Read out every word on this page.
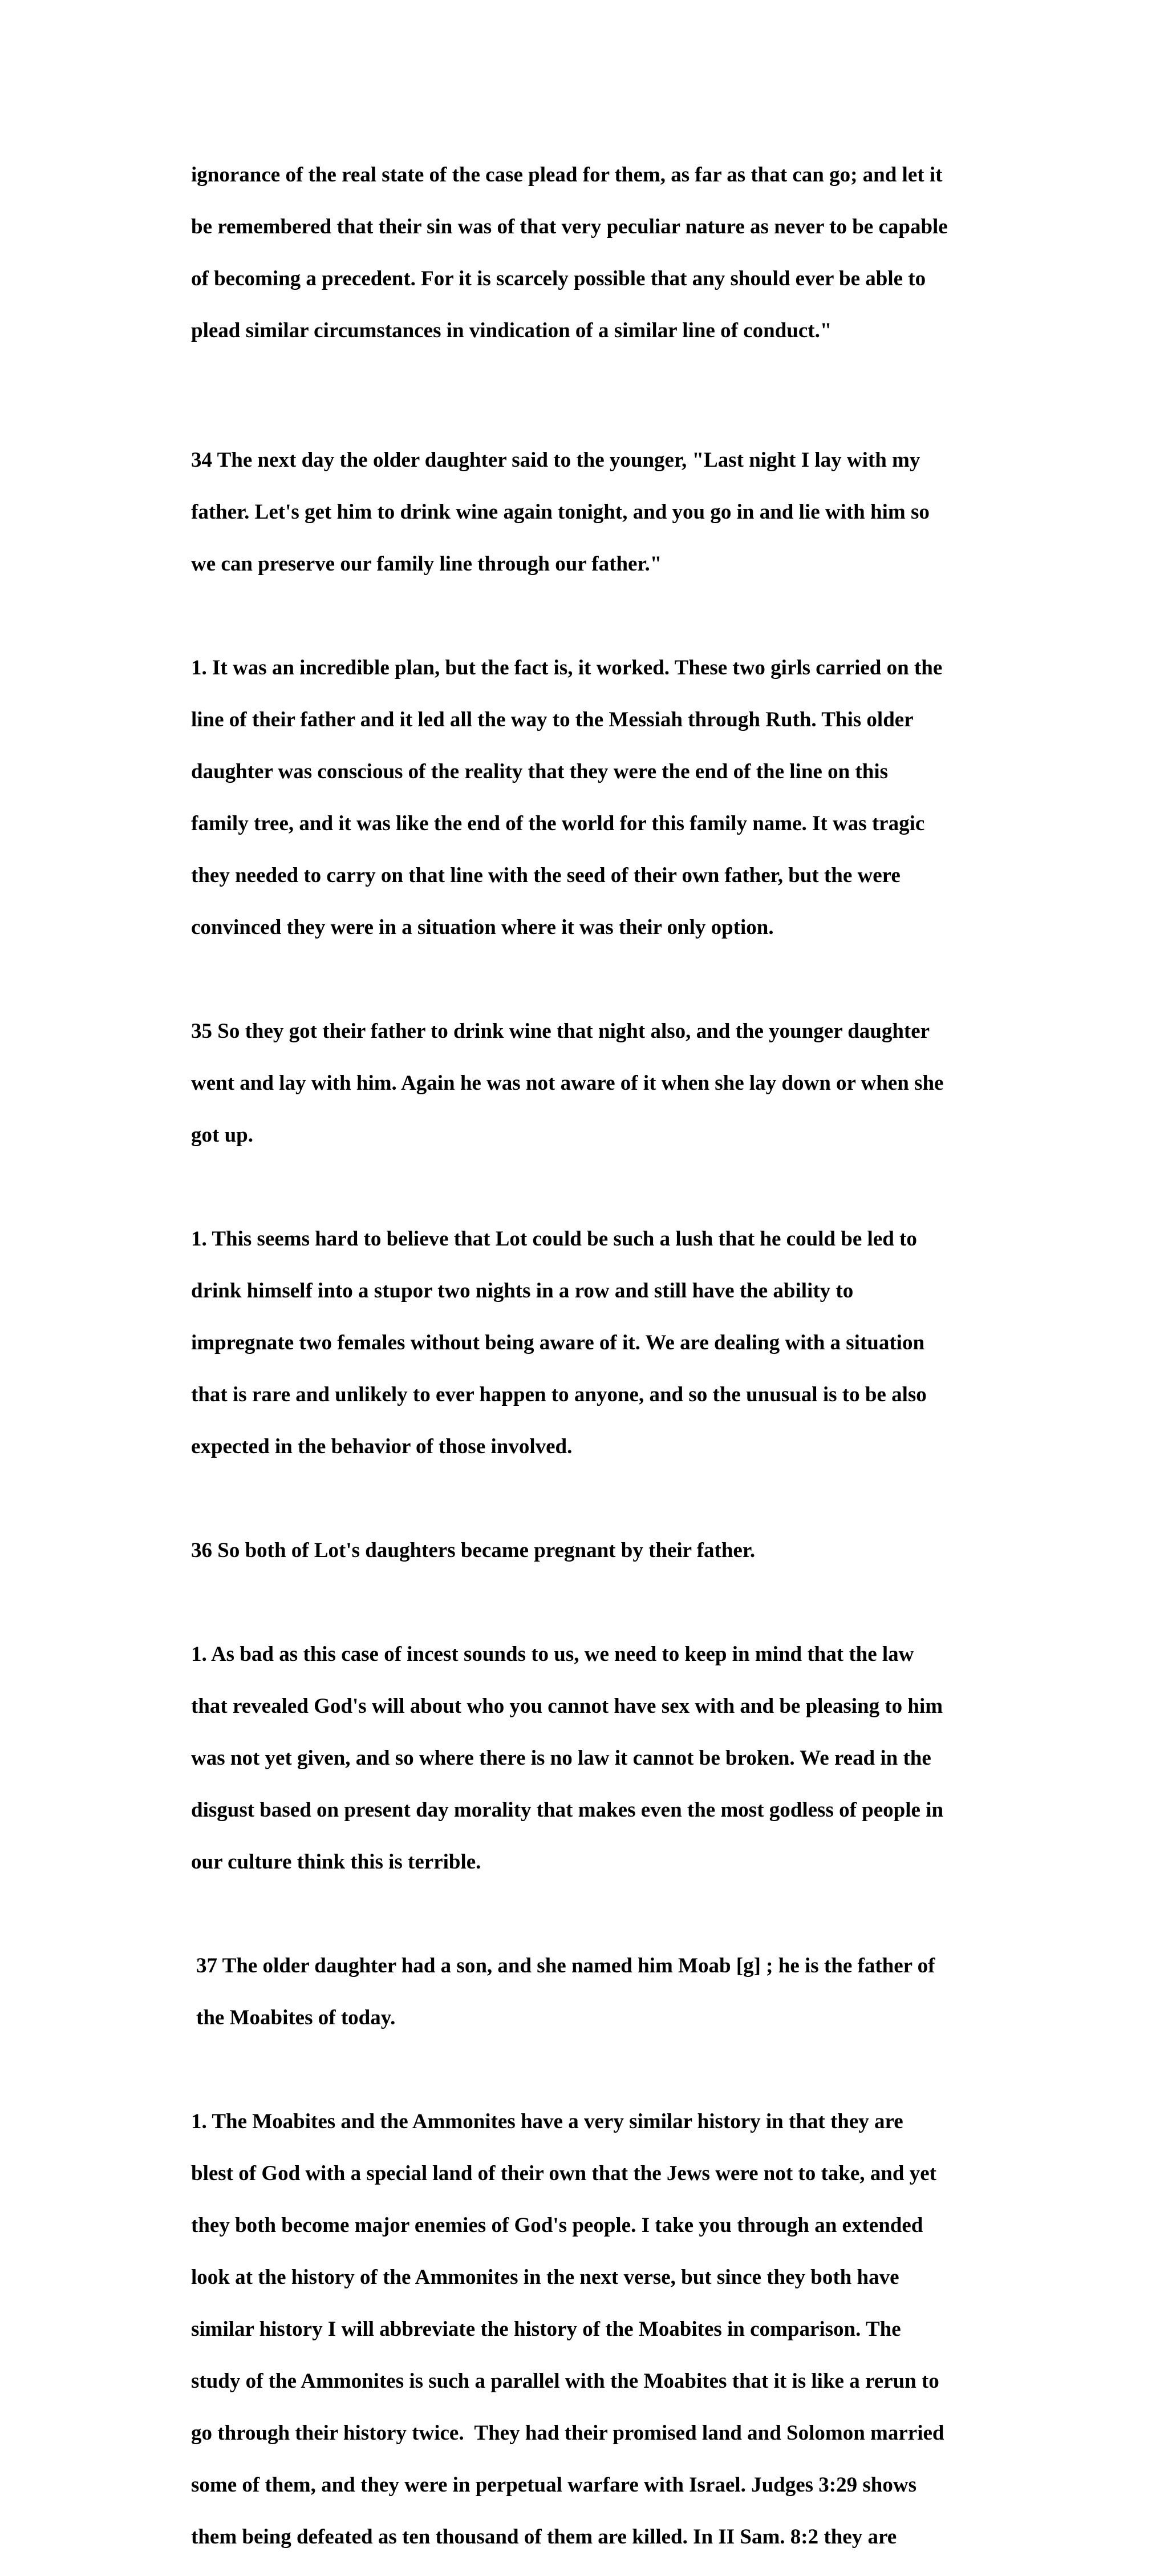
ignorance of the real state of the case plead for them, as far as that can go; and let it

be remembered that their sin was of that very peculiar nature as never to be capable

of becoming a precedent. For it is scarcely possible that any should ever be able to

plead similar circumstances in vindication of a similar line of conduct."

34 The next day the older daughter said to the younger, "Last night I lay with my

father. Let's get him to drink wine again tonight, and you go in and lie with him so

we can preserve our family line through our father."

1. It was an incredible plan, but the fact is, it worked. These two girls carried on the

line of their father and it led all the way to the Messiah through Ruth. This older

daughter was conscious of the reality that they were the end of the line on this

family tree, and it was like the end of the world for this family name. It was tragic

they needed to carry on that line with the seed of their own father, but the were

convinced they were in a situation where it was their only option.

35 So they got their father to drink wine that night also, and the younger daughter

went and lay with him. Again he was not aware of it when she lay down or when she

got up.

1. This seems hard to believe that Lot could be such a lush that he could be led to

drink himself into a stupor two nights in a row and still have the ability to

impregnate two females without being aware of it. We are dealing with a situation

that is rare and unlikely to ever happen to anyone, and so the unusual is to be also

expected in the behavior of those involved.

36 So both of Lot's daughters became pregnant by their father.

1. As bad as this case of incest sounds to us, we need to keep in mind that the law

that revealed God's will about who you cannot have sex with and be pleasing to him

was not yet given, and so where there is no law it cannot be broken. We read in the

disgust based on present day morality that makes even the most godless of people in

our culture think this is terrible.

37 The older daughter had a son, and she named him Moab [g] ; he is the father of

the Moabites of today.

1. The Moabites and the Ammonites have a very similar history in that they are

blest of God with a special land of their own that the Jews were not to take, and yet

they both become major enemies of God's people. I take you through an extended

look at the history of the Ammonites in the next verse, but since they both have

similar history I will abbreviate the history of the Moabites in comparison. The

study of the Ammonites is such a parallel with the Moabites that it is like a rerun to

go through their history twice.  They had their promised land and Solomon married

some of them, and they were in perpetual warfare with Israel. Judges 3:29 shows

them being defeated as ten thousand of them are killed. In II Sam. 8:2 they are
